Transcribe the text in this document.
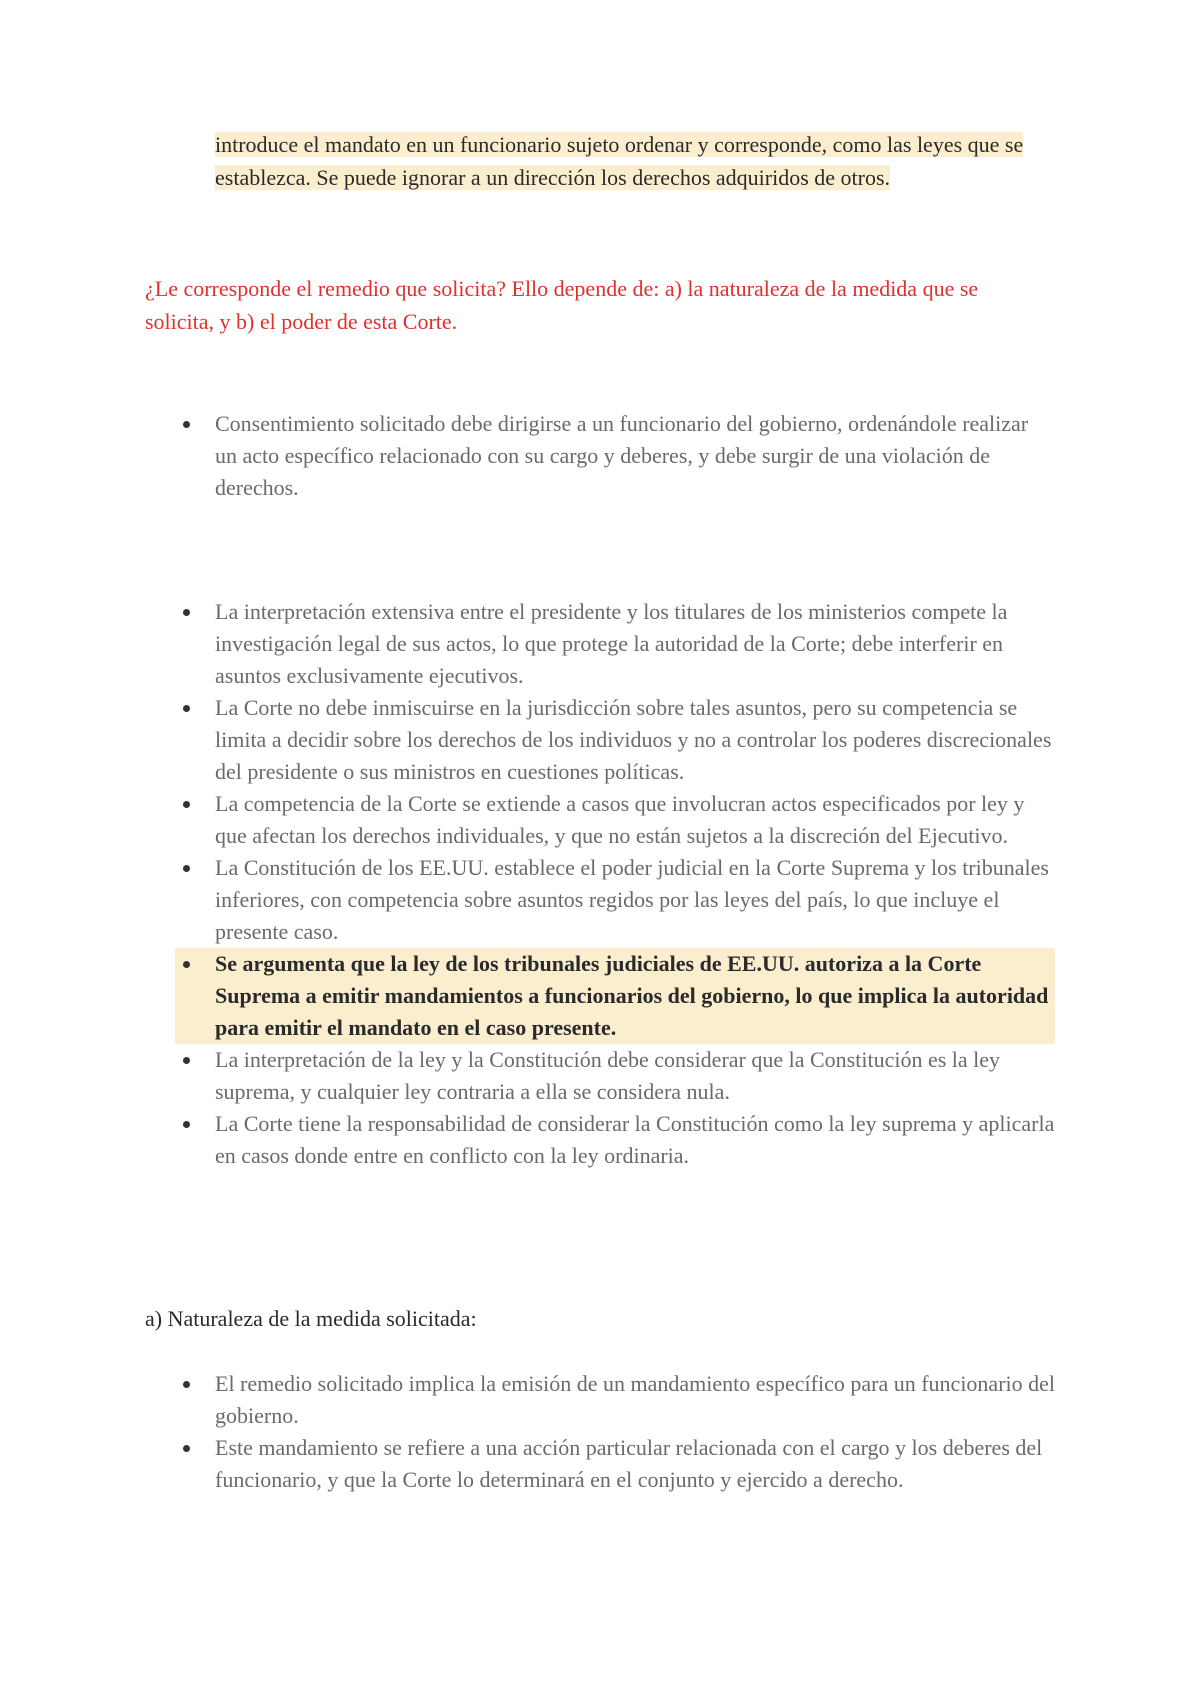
introduce el mandato en un funcionario sujeto ordenar y corresponde, como las leyes que se establezca. Se puede ignorar a un dirección los derechos adquiridos de otros.
¿Le corresponde el remedio que solicita? Ello depende de: a) la naturaleza de la medida que se solicita, y b) el poder de esta Corte.
Consentimiento solicitado debe dirigirse a un funcionario del gobierno, ordenándole realizar un acto específico relacionado con su cargo y deberes, y debe surgir de una violación de derechos.
La interpretación extensiva entre el presidente y los titulares de los ministerios compete la investigación legal de sus actos, lo que protege la autoridad de la Corte; debe interferir en asuntos exclusivamente ejecutivos.
La Corte no debe inmiscuirse en la jurisdicción sobre tales asuntos, pero su competencia se limita a decidir sobre los derechos de los individuos y no a controlar los poderes discrecionales del presidente o sus ministros en cuestiones políticas.
La competencia de la Corte se extiende a casos que involucran actos especificados por ley y que afectan los derechos individuales, y que no están sujetos a la discreción del Ejecutivo.
La Constitución de los EE.UU. establece el poder judicial en la Corte Suprema y los tribunales inferiores, con competencia sobre asuntos regidos por las leyes del país, lo que incluye el presente caso.
Se argumenta que la ley de los tribunales judiciales de EE.UU. autoriza a la Corte Suprema a emitir mandamientos a funcionarios del gobierno, lo que implica la autoridad para emitir el mandato en el caso presente.
La interpretación de la ley y la Constitución debe considerar que la Constitución es la ley suprema, y cualquier ley contraria a ella se considera nula.
La Corte tiene la responsabilidad de considerar la Constitución como la ley suprema y aplicarla en casos donde entre en conflicto con la ley ordinaria.
a) Naturaleza de la medida solicitada:
El remedio solicitado implica la emisión de un mandamiento específico para un funcionario del gobierno.
Este mandamiento se refiere a una acción particular relacionada con el cargo y los deberes del funcionario, y que la Corte lo determinará en el conjunto y ejercido a derecho.
